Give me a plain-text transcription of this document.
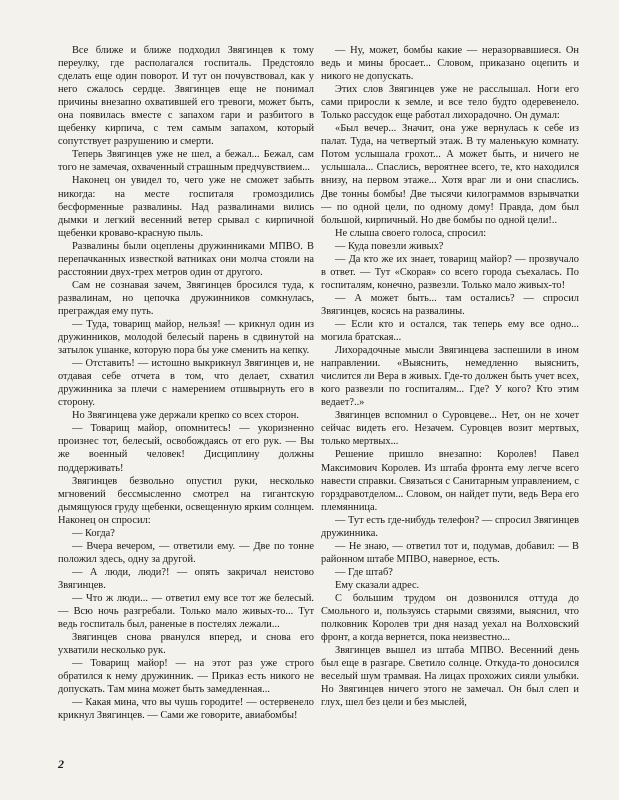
Все ближе и ближе подходил Звягинцев к тому переулку, где располагался госпиталь. Предстояло сделать еще один поворот. И тут он почувствовал, как у него сжалось сердце. Звягинцев еще не понимал причины внезапно охватившей его тревоги, может быть, она появилась вместе с запахом гари и разбитого в щебенку кирпича, с тем самым запахом, который сопутствует разрушению и смерти.

Теперь Звягинцев уже не шел, а бежал... Бежал, сам того не замечая, охваченный страшным предчувствием...

Наконец он увидел то, чего уже не сможет забыть никогда: на месте госпиталя громоздились бесформенные развалины. Над развалинами вились дымки и легкий весенний ветер срывал с кирпичной щебенки кроваво-красную пыль.

Развалины были оцеплены дружинниками МПВО. В перепачканных известкой ватниках они молча стояли на расстоянии двух-трех метров один от другого.

Сам не сознавая зачем, Звягинцев бросился туда, к развалинам, но цепочка дружинников сомкнулась, преграждая ему путь.

— Туда, товарищ майор, нельзя! — крикнул один из дружинников, молодой белесый парень в сдвинутой на затылок ушанке, которую пора бы уже сменить на кепку.

— Отставить! — истошно выкрикнул Звягинцев и, не отдавая себе отчета в том, что делает, схватил дружинника за плечи с намерением отшвырнуть его в сторону.

Но Звягинцева уже держали крепко со всех сторон.

— Товарищ майор, опомнитесь! — укоризненно произнес тот, белесый, освобождаясь от его рук. — Вы же военный человек! Дисциплину должны поддерживать!

Звягинцев безвольно опустил руки, несколько мгновений бессмысленно смотрел на гигантскую дымящуюся груду щебенки, освещенную ярким солнцем. Наконец он спросил:

— Когда?

— Вчера вечером, — ответили ему. — Две по тонне положил здесь, одну за другой.

— А люди, люди?! — опять закричал неистово Звягинцев.

— Что ж люди... — ответил ему все тот же белесый. — Всю ночь разгребали. Только мало живых-то... Тут ведь госпиталь был, раненые в постелях лежали...

Звягинцев снова рванулся вперед, и снова его ухватили несколько рук.

— Товарищ майор! — на этот раз уже строго обратился к нему дружинник. — Приказ есть никого не допускать. Там мина может быть замедленная...

— Какая мина, что вы чушь городите! — остервенело крикнул Звягинцев. — Сами же говорите, авиабомбы!

— Ну, может, бомбы какие — неразорвавшиеся. Он ведь и мины бросает... Словом, приказано оцепить и никого не допускать.

Этих слов Звягинцев уже не расслышал. Ноги его сами приросли к земле, и все тело будто одеревенело. Только рассудок еще работал лихорадочно. Он думал:

«Был вечер... Значит, она уже вернулась к себе из палат. Туда, на четвертый этаж. В ту маленькую комнату. Потом услышала грохот... А может быть, и ничего не услышала... Спаслись, вероятнее всего, те, кто находился внизу, на первом этаже... Хотя враг ли и они спаслись. Две тонны бомбы! Две тысячи килограммов взрывчатки — по одной цели, по одному дому! Правда, дом был большой, кирпичный. Но две бомбы по одной цели!..

Не слыша своего голоса, спросил:

— Куда повезли живых?

— Да кто же их знает, товарищ майор? — прозвучало в ответ. — Тут «Скорая» со всего города съехалась. По госпиталям, конечно, развезли. Только мало живых-то!

— А может быть... там остались? — спросил Звягинцев, косясь на развалины.

— Если кто и остался, так теперь ему все одно... могила братская...

Лихорадочные мысли Звягинцева заспешили в ином направлении. «Выяснить, немедленно выяснить, числится ли Вера в живых. Где-то должен быть учет всех, кого развезли по госпиталям... Где? У кого? Кто этим ведает?..»

Звягинцев вспомнил о Суровцеве... Нет, он не хочет сейчас видеть его. Незачем. Суровцев возит мертвых, только мертвых...

Решение пришло внезапно: Королев! Павел Максимович Королев. Из штаба фронта ему легче всего навести справки. Связаться с Санитарным управлением, с горздравотделом... Словом, он найдет пути, ведь Вера его племянница.

— Тут есть где-нибудь телефон? — спросил Звягинцев дружинника.

— Не знаю, — ответил тот и, подумав, добавил: — В районном штабе МПВО, наверное, есть.

— Где штаб?

Ему сказали адрес.

С большим трудом он дозвонился оттуда до Смольного и, пользуясь старыми связями, выяснил, что полковник Королев три дня назад уехал на Волховский фронт, а когда вернется, пока неизвестно...

Звягинцев вышел из штаба МПВО. Весенний день был еще в разгаре. Светило солнце. Откуда-то доносился веселый шум трамвая. На лицах прохожих сияли улыбки. Но Звягинцев ничего этого не замечал. Он был слеп и глух, шел без цели и без мыслей,

2
